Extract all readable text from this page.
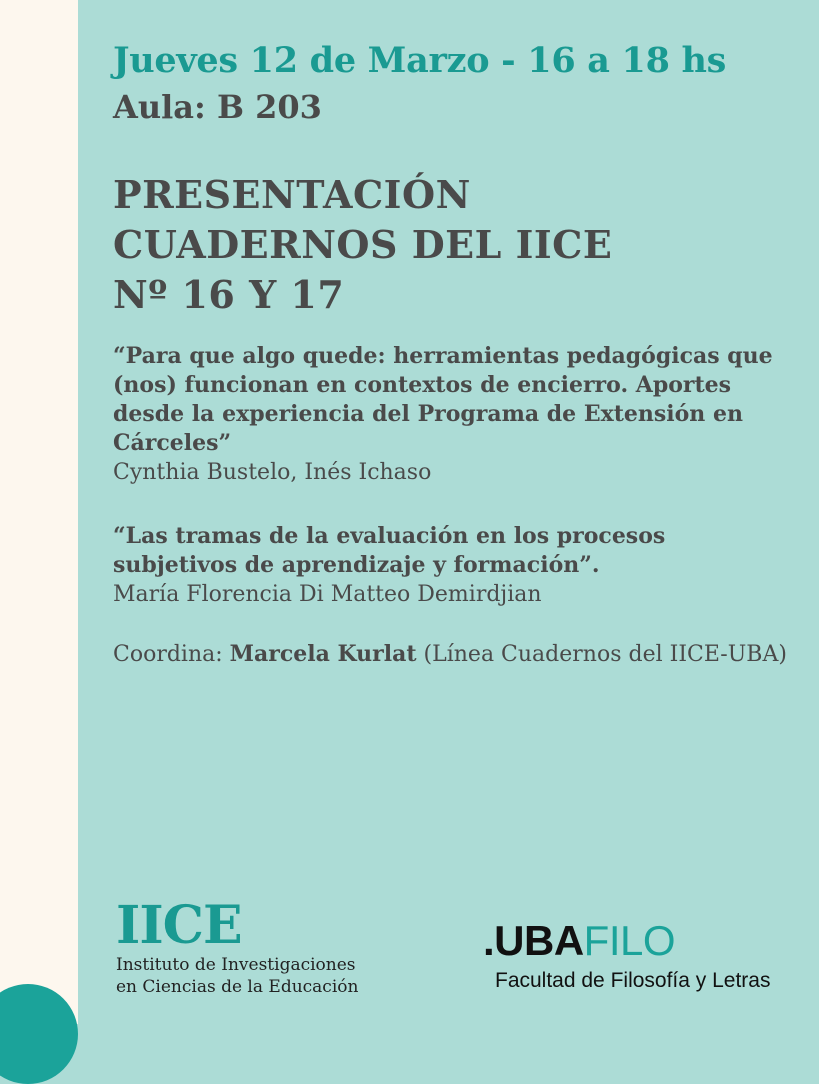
Jueves 12 de Marzo - 16 a 18 hs
Aula: B 203
PRESENTACIÓN
CUADERNOS DEL IICE
Nº 16 Y 17
“Para que algo quede: herramientas pedagógicas que (nos) funcionan en contextos de encierro. Aportes desde la experiencia del Programa de Extensión en Cárceles”
Cynthia Bustelo, Inés Ichaso
“Las tramas de la evaluación en los procesos subjetivos de aprendizaje y formación”.
María Florencia Di Matteo Demirdjian
Coordina: Marcela Kurlat (Línea Cuadernos del IICE-UBA)
IICE
Instituto de Investigaciones
en Ciencias de la Educación
.UBAFILO
Facultad de Filosofía y Letras
